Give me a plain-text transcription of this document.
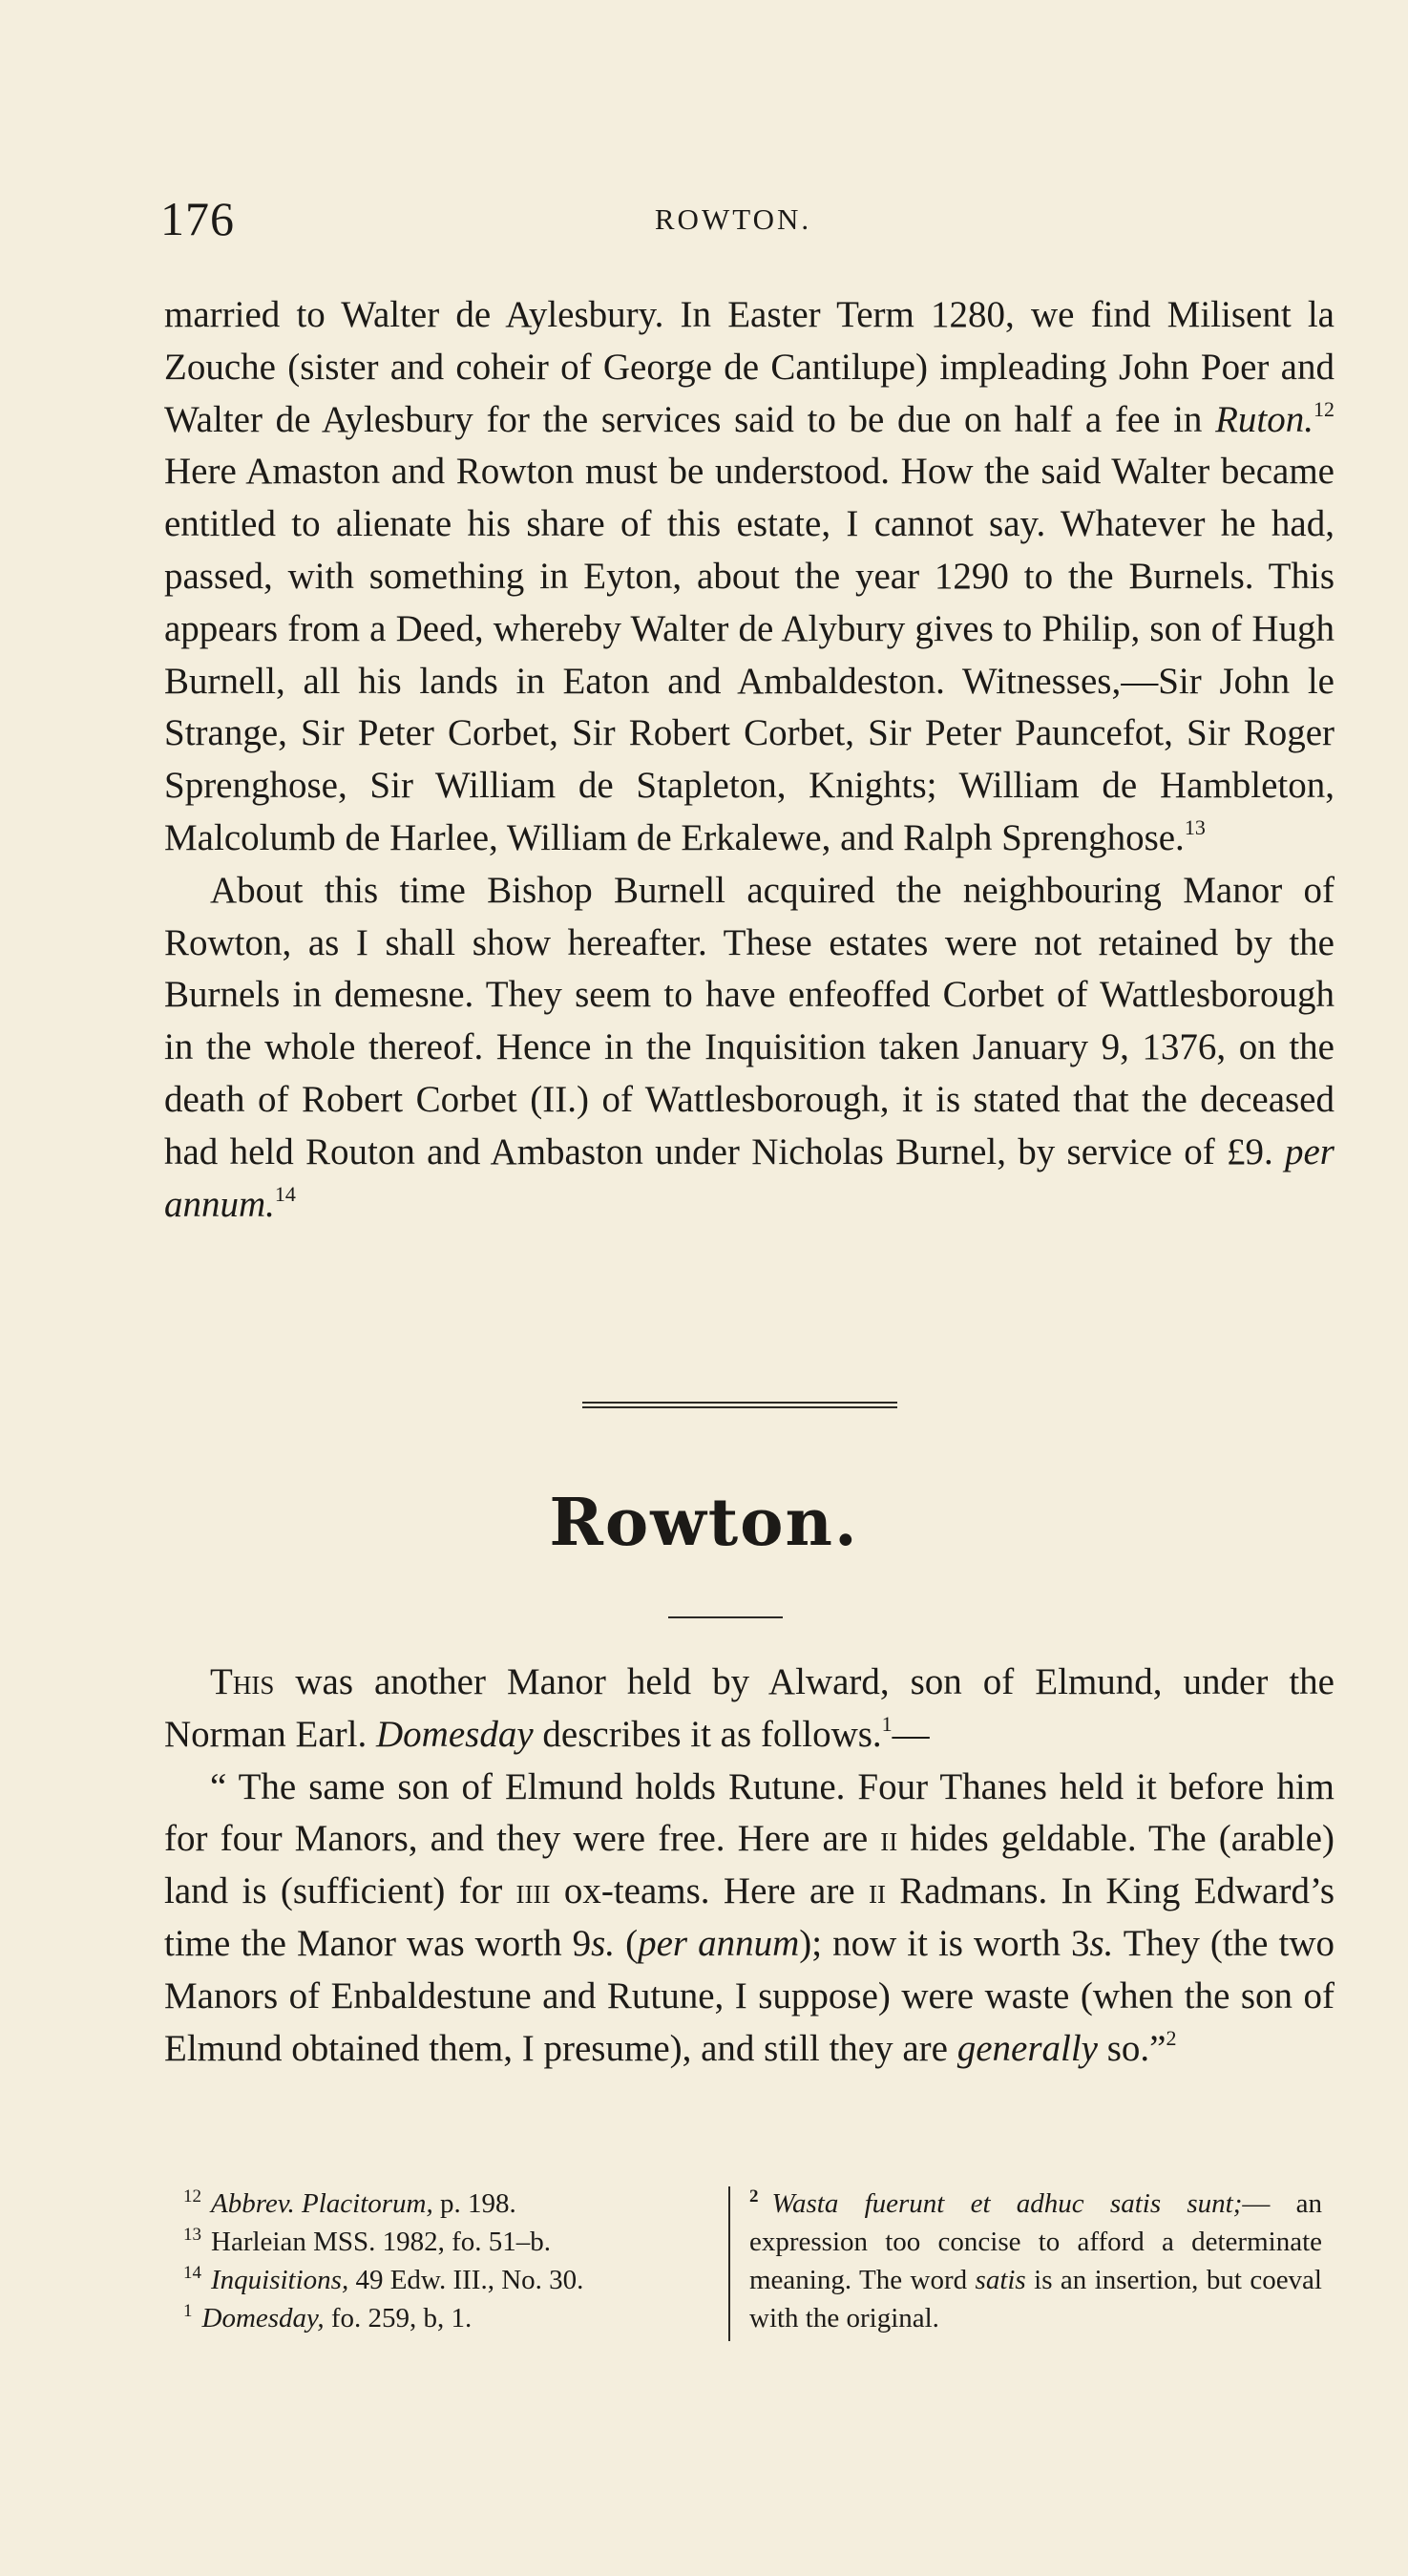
176	ROWTON.

married to Walter de Aylesbury. In Easter Term 1280, we find Milisent la Zouche (sister and coheir of George de Cantilupe) impleading John Poer and Walter de Aylesbury for the services said to be due on half a fee in Ruton.$^{12}$ Here Amaston and Rowton must be understood. How the said Walter became entitled to alienate his share of this estate, I cannot say. Whatever he had, passed, with something in Eyton, about the year 1290 to the Burnels. This appears from a Deed, whereby Walter de Alybury gives to Philip, son of Hugh Burnell, all his lands in Eaton and Ambaldeston. Witnesses,—Sir John le Strange, Sir Peter Corbet, Sir Robert Corbet, Sir Peter Pauncefot, Sir Roger Sprenghose, Sir William de Stapleton, Knights; William de Hambleton, Malcolumb de Harlee, William de Erkalewe, and Ralph Sprenghose.$^{13}$

About this time Bishop Burnell acquired the neighbouring Manor of Rowton, as I shall show hereafter. These estates were not retained by the Burnels in demesne. They seem to have enfeoffed Corbet of Wattlesborough in the whole thereof. Hence in the Inquisition taken January 9, 1376, on the death of Robert Corbet (II.) of Wattlesborough, it is stated that the deceased had held Routon and Ambaston under Nicholas Burnel, by service of £9. per annum.$^{14}$

Rowton.

This was another Manor held by Alward, son of Elmund, under the Norman Earl. Domesday describes it as follows.$^1$—

“ The same son of Elmund holds Rutune. Four Thanes held it before him for four Manors, and they were free. Here are ii hides geldable. The (arable) land is (sufficient) for iiii ox-teams. Here are ii Radmans. In King Edward’s time the Manor was worth 9s. (per annum); now it is worth 3s. They (the two Manors of Enbaldestune and Rutune, I suppose) were waste (when the son of Elmund obtained them, I presume), and still they are generally so.”$^2$

$^{12}$ Abbrev. Placitorum, p. 198.
$^{13}$ Harleian MSS. 1982, fo. 51–b.
$^{14}$ Inquisitions, 49 Edw. III., No. 30.
$^1$ Domesday, fo. 259, b, 1.

$^2$ Wasta fuerunt et adhuc satis sunt;— an expression too concise to afford a determinate meaning. The word satis is an insertion, but coeval with the original.
